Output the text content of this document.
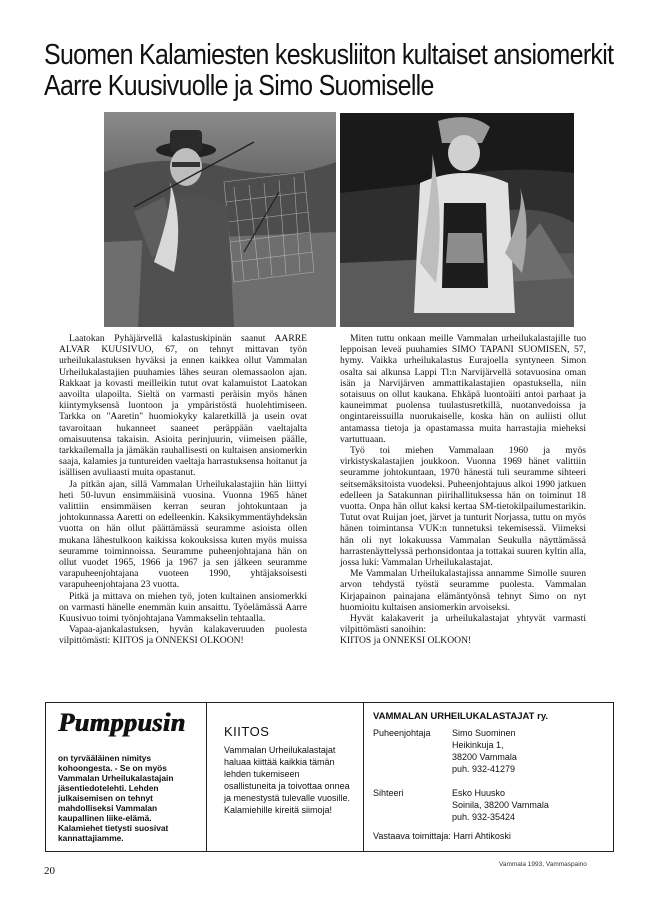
Suomen Kalamiesten keskusliiton kultaiset ansiomerkit Aarre Kuusivuolle ja Simo Suomiselle

Laatokan Pyhäjärvellä kalastuskipinän saanut AARRE ALVAR KUUSIVUO, 67, on tehnyt mittavan työn urheilukalastuksen hyväksi ja ennen kaikkea ollut Vammalan Urheilukalastajien puuhamies lähes seuran olemassaolon ajan. Rakkaat ja kovasti meilleikin tutut ovat kalamuistot Laatokan aavoilta ulapoilta. Sieltä on varmasti peräisin myös hänen kiintymyksensä luontoon ja ympäristöstä huolehtimiseen. Tarkka on "Aaretin" huomiokyky kalaretkillä ja usein ovat tavaroitaan hukanneet saaneet peräppään vaeltajalta omaisuutensa takaisin. Asioita perinjuurin, viimeisen päälle, tarkkailemalla ja jämäkän rauhallisesti on kultaisen ansiomerkin saaja, kalamies ja tuntureiden vaeltaja harrastuksensa hoitanut ja isällisen avuliaasti muita opastanut.

Ja pitkän ajan, sillä Vammalan Urheilukalastajiin hän liittyi heti 50-luvun ensimmäisinä vuosina. Vuonna 1965 hänet valittiin ensimmäisen kerran seuran johtokuntaan ja johtokunnassa Aaretti on edelleenkin. Kaksikymmentäyhdeksän vuotta on hän ollut päättämässä seuramme asioista ollen mukana lähestulkoon kaikissa kokouksissa kuten myös muissa seuramme toiminnoissa. Seuramme puheenjohtajana hän on ollut vuodet 1965, 1966 ja 1967 ja sen jälkeen seuramme varapuheenjohtajana vuoteen 1990, yhtäjaksoisesti varapuheenjohtajana 23 vuotta.

Pitkä ja mittava on miehen työ, joten kultainen ansiomerkki on varmasti hänelle enemmän kuin ansaittu. Työelämässä Aarre Kuusivuo toimi työnjohtajana Vammakselin tehtaalla.

Vapaa-ajankalastuksen, hyvän kalakaveruuden puolesta vilpittömästi: KIITOS ja ONNEKSI OLKOON!

Miten tuttu onkaan meille Vammalan urheilukalastajille tuo leppoisan leveä puuhamies SIMO TAPANI SUOMISEN, 57, hymy. Vaikka urheilukalastus Eurajoella syntyneen Simon osalta sai alkunsa Lappi Tl:n Narvijärvellä sotavuosina oman isän ja Narvijärven ammattikalastajien opastuksella, niin sotaisuus on ollut kaukana. Ehkäpä luontoäiti antoi parhaat ja kauneimmat puolensa tuulastusretkillä, nuotanvedoissa ja ongintareissuilla nuorukaiselle, koska hän on auliisti ollut antamassa tietoja ja opastamassa muita harrastajia mieheksi vartuttuaan.

Työ toi miehen Vammalaan 1960 ja myös virkistyskalastajien joukkoon. Vuonna 1969 hänet valittiin seuramme johtokuntaan, 1970 hänestä tuli seuramme sihteeri seitsemäksitoista vuodeksi. Puheenjohtajuus alkoi 1990 jatkuen edelleen ja Satakunnan piirihallituksessa hän on toiminut 18 vuotta. Onpa hän ollut kaksi kertaa SM-tietokilpailumestarikin. Tutut ovat Ruijan joet, järvet ja tunturit Norjassa, tuttu on myös hänen toimintansa VUK:n tunnetuksi tekemisessä. Viimeksi hän oli nyt lokakuussa Vammalan Seukulla näyttämässä harrastenäyttelyssä perhonsidontaa ja tottakai suuren kyltin alla, jossa luki: Vammalan Urheilukalastajat.

Me Vammalan Urheilukalastajissa annamme Simolle suuren arvon tehdystä työstä seuramme puolesta. Vammalan Kirjapainon painajana elämäntyönsä tehnyt Simo on nyt huomioitu kultaisen ansiomerkin arvoiseksi.

Hyvät kalakaverit ja urheilukalastajat yhtyvät varmasti vilpittömästi sanoihin:

KIITOS ja ONNEKSI OLKOON!

Pumppusin
on tyrvääläinen nimitys kohoongesta. - Se on myös Vammalan Urheilukalastajain jäsentiedotelehti. Lehden julkaisemisen on tehnyt mahdolliseksi Vammalan kaupallinen liike-elämä. Kalamiehet tietysti suosivat kannattajiamme.
KIITOS
Vammalan Urheilukalastajat haluaa kiittää kaikkia tämän lehden tukemiseen osallistuneita ja toivottaa onnea ja menestystä tulevalle vuosille. Kalamiehille kireitä siimoja!
VAMMALAN URHEILUKALASTAJAT ry.
Puheenjohtaja Simo Suominen
Heikinkuja 1,
38200 Vammala
puh. 932-41279
Sihteeri	Esko Huusko
Soinila, 38200 Vammala
puh. 932-35424
Vastaava toimittaja: Harri Ahtikoski
20
Vammala 1993, Vammaspaino
